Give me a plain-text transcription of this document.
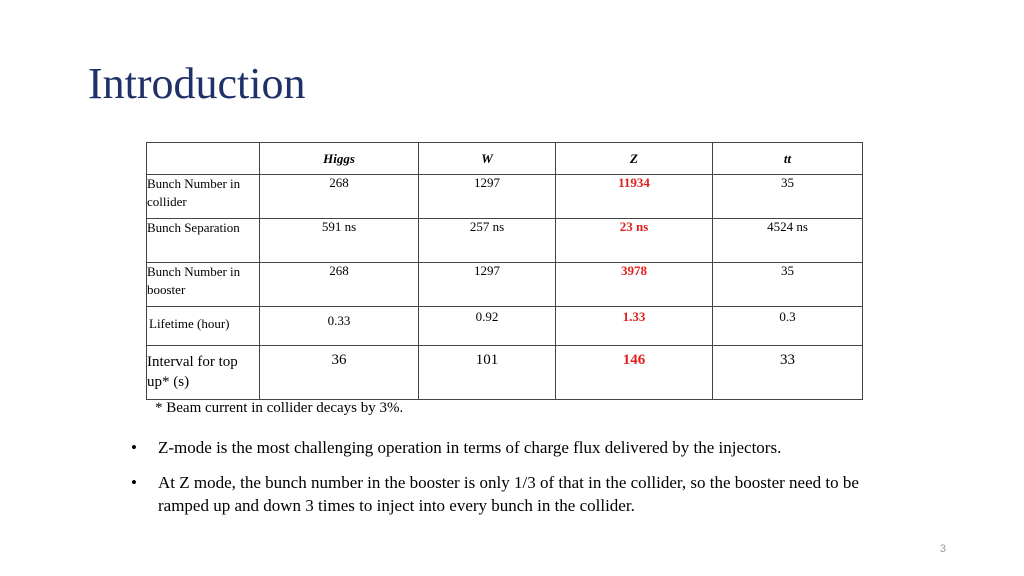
Introduction
	Higgs	W	Z	tt
Bunch Number in collider	268	1297	11934	35
Bunch Separation	591 ns	257 ns	23 ns	4524 ns
Bunch Number in booster	268	1297	3978	35
Lifetime (hour)	0.33	0.92	1.33	0.3
Interval for top up* (s)	36	101	146	33

* Beam current in collider decays by 3%.

• Z-mode is the most challenging operation in terms of charge flux delivered by the injectors.
• At Z mode, the bunch number in the booster is only 1/3 of that in the collider, so the booster need to be ramped up and down 3 times to inject into every bunch in the collider.
3
